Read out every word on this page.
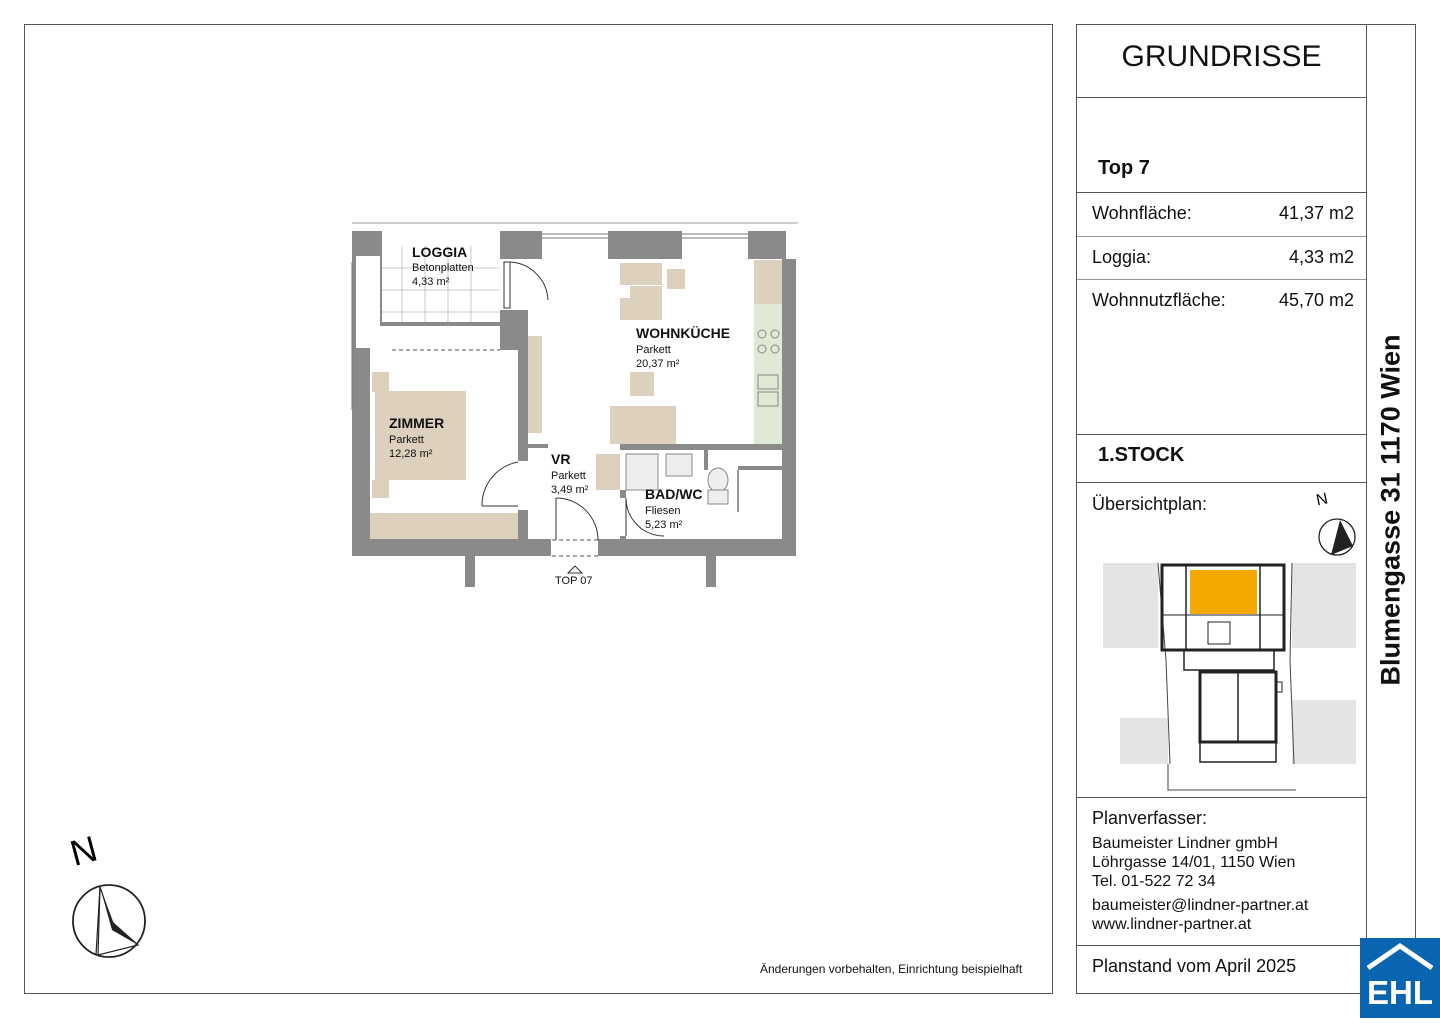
GRUNDRISSE
Top 7
Wohnfläche:	41,37 m2
Loggia:	4,33 m2
Wohnnutzfläche:	45,70 m2
1.STOCK
Übersichtplan:	N Blumengasse 31 1170 Wien
Planverfasser:
Baumeister Lindner gmbH
Löhrgasse 14/01, 1150 Wien
Tel. 01-522 72 34
baumeister@lindner-partner.at
www.lindner-partner.at
Planstand vom April 2025
EHL
Änderungen vorbehalten, Einrichtung beispielhaft
N
LOGGIA
Betonplatten
4,33 m²
WOHNKÜCHE
Parkett
20,37 m²
ZIMMER
Parkett
12,28 m²	VR
Parkett
3,49 m²	BAD/WC
Fliesen
5,23 m²
TOP 07
